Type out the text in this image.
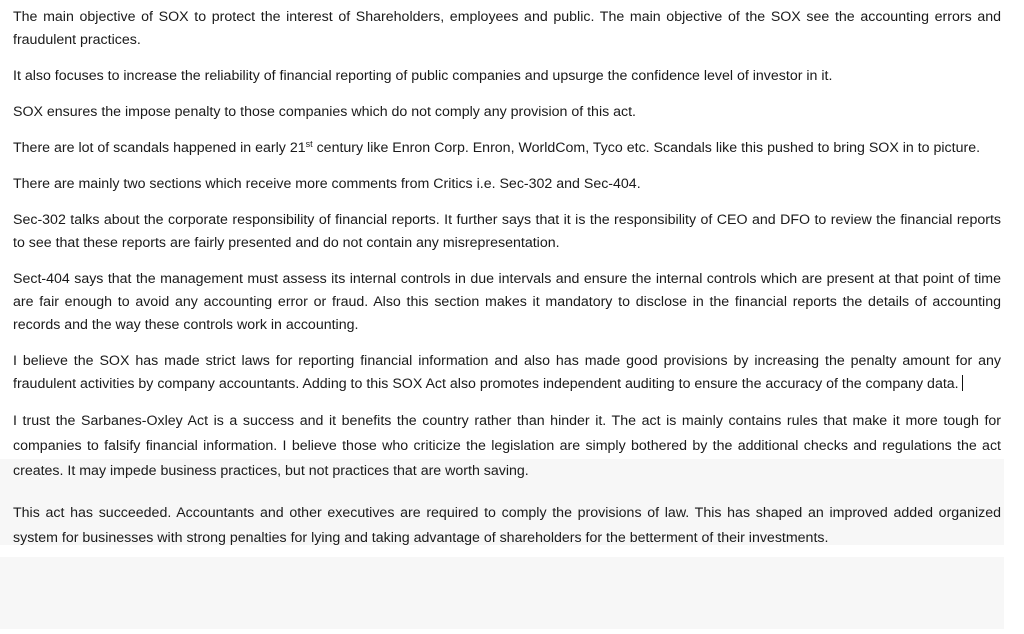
The main objective of SOX to protect the interest of Shareholders, employees and public. The main objective of the SOX see the accounting errors and fraudulent practices.

It also focuses to increase the reliability of financial reporting of public companies and upsurge the confidence level of investor in it.

SOX ensures the impose penalty to those companies which do not comply any provision of this act.

There are lot of scandals happened in early 21st century like Enron Corp. Enron, WorldCom, Tyco etc. Scandals like this pushed to bring SOX in to picture.

There are mainly two sections which receive more comments from Critics i.e. Sec-302 and Sec-404.

Sec-302 talks about the corporate responsibility of financial reports. It further says that it is the responsibility of CEO and DFO to review the financial reports to see that these reports are fairly presented and do not contain any misrepresentation.

Sect-404 says that the management must assess its internal controls in due intervals and ensure the internal controls which are present at that point of time are fair enough to avoid any accounting error or fraud. Also this section makes it mandatory to disclose in the financial reports the details of accounting records and the way these controls work in accounting.

I believe the SOX has made strict laws for reporting financial information and also has made good provisions by increasing the penalty amount for any fraudulent activities by company accountants. Adding to this SOX Act also promotes independent auditing to ensure the accuracy of the company data.

I trust the Sarbanes-Oxley Act is a success and it benefits the country rather than hinder it. The act is mainly contains rules that make it more tough for companies to falsify financial information. I believe those who criticize the legislation are simply bothered by the additional checks and regulations the act creates. It may impede business practices, but not practices that are worth saving.

This act has succeeded. Accountants and other executives are required to comply the provisions of law. This has shaped an improved added organized system for businesses with strong penalties for lying and taking advantage of shareholders for the betterment of their investments.
